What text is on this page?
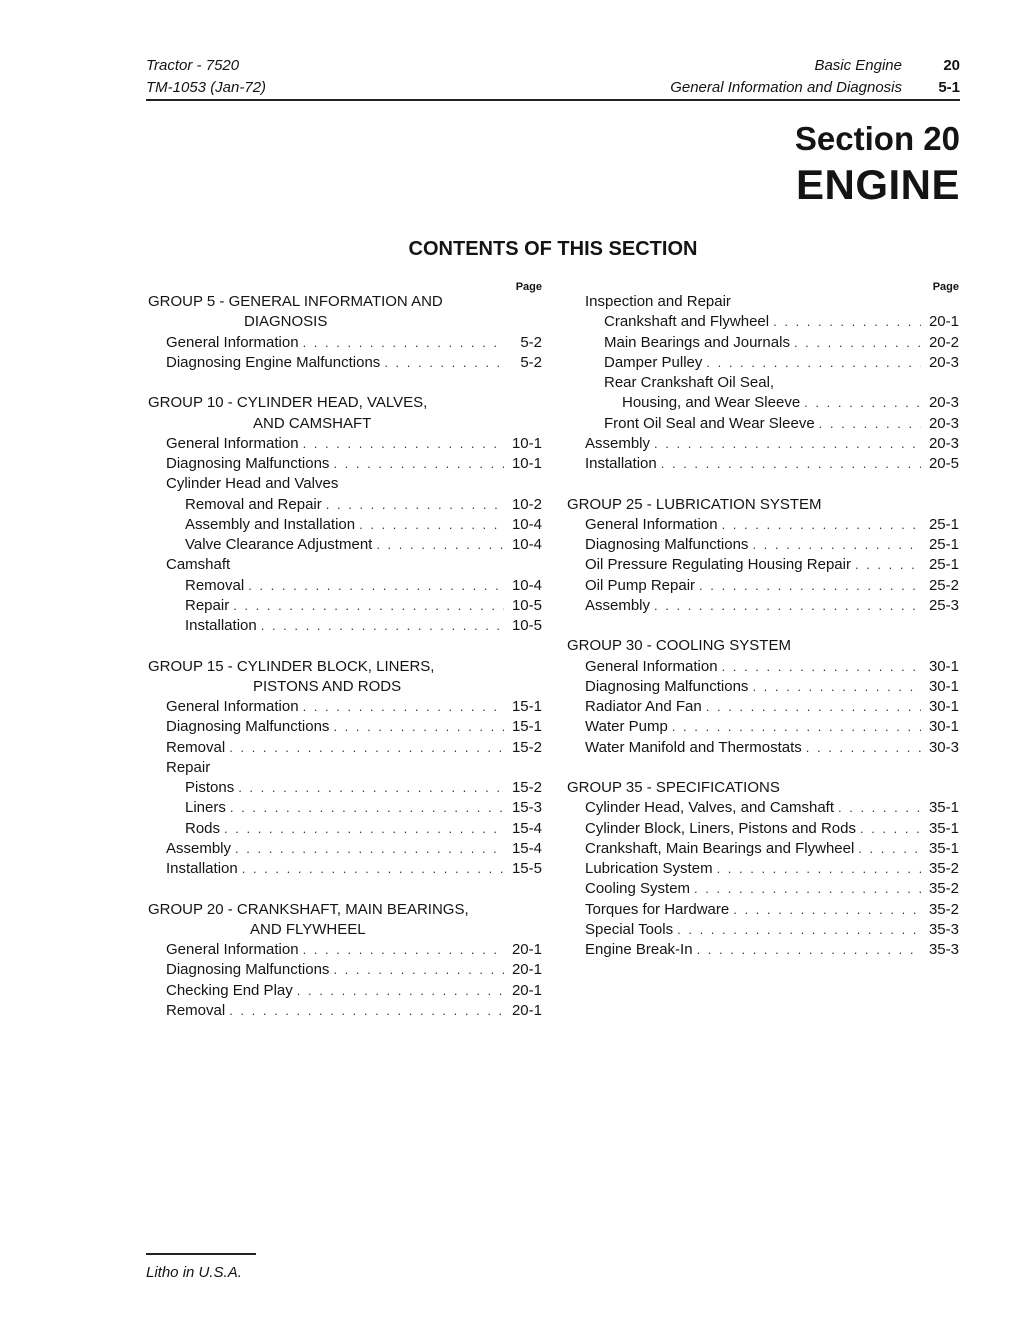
Tractor - 7520
TM-1053 (Jan-72)
Basic Engine	20
General Information and Diagnosis	5-1
Section 20
ENGINE
CONTENTS OF THIS SECTION
Page
GROUP 5 - GENERAL INFORMATION AND
DIAGNOSIS
General Information . . .	5-2
Diagnosing Engine Malfunctions . . .	5-2
GROUP 10 - CYLINDER HEAD, VALVES,
AND CAMSHAFT
General Information . . .	10-1
Diagnosing Malfunctions . . .	10-1
Cylinder Head and Valves
Removal and Repair . . .	10-2
Assembly and Installation . . .	10-4
Valve Clearance Adjustment . . .	10-4
Camshaft
Removal . . .	10-4
Repair . . .	10-5
Installation . . .	10-5
GROUP 15 - CYLINDER BLOCK, LINERS,
PISTONS AND RODS
General Information . . .	15-1
Diagnosing Malfunctions . . .	15-1
Removal . . .	15-2
Repair
Pistons . . .	15-2
Liners . . .	15-3
Rods . . .	15-4
Assembly . . .	15-4
Installation . . .	15-5
GROUP 20 - CRANKSHAFT, MAIN BEARINGS,
AND FLYWHEEL
General Information . . .	20-1
Diagnosing Malfunctions . . .	20-1
Checking End Play . . .	20-1
Removal . . .	20-1
Page
Inspection and Repair
Crankshaft and Flywheel . . .	20-1
Main Bearings and Journals . . .	20-2
Damper Pulley . . .	20-3
Rear Crankshaft Oil Seal,
Housing, and Wear Sleeve . . .	20-3
Front Oil Seal and Wear Sleeve . . .	20-3
Assembly . . .	20-3
Installation . . .	20-5
GROUP 25 - LUBRICATION SYSTEM
General Information . . .	25-1
Diagnosing Malfunctions . . .	25-1
Oil Pressure Regulating Housing Repair . . .	25-1
Oil Pump Repair . . .	25-2
Assembly . . .	25-3
GROUP 30 - COOLING SYSTEM
General Information . . .	30-1
Diagnosing Malfunctions . . .	30-1
Radiator And Fan . . .	30-1
Water Pump . . .	30-1
Water Manifold and Thermostats . . .	30-3
GROUP 35 - SPECIFICATIONS
Cylinder Head, Valves, and Camshaft . . .	35-1
Cylinder Block, Liners, Pistons and Rods . . .	35-1
Crankshaft, Main Bearings and Flywheel . . .	35-1
Lubrication System . . .	35-2
Cooling System . . .	35-2
Torques for Hardware . . .	35-2
Special Tools . . .	35-3
Engine Break-In . . .	35-3
Litho in U.S.A.
